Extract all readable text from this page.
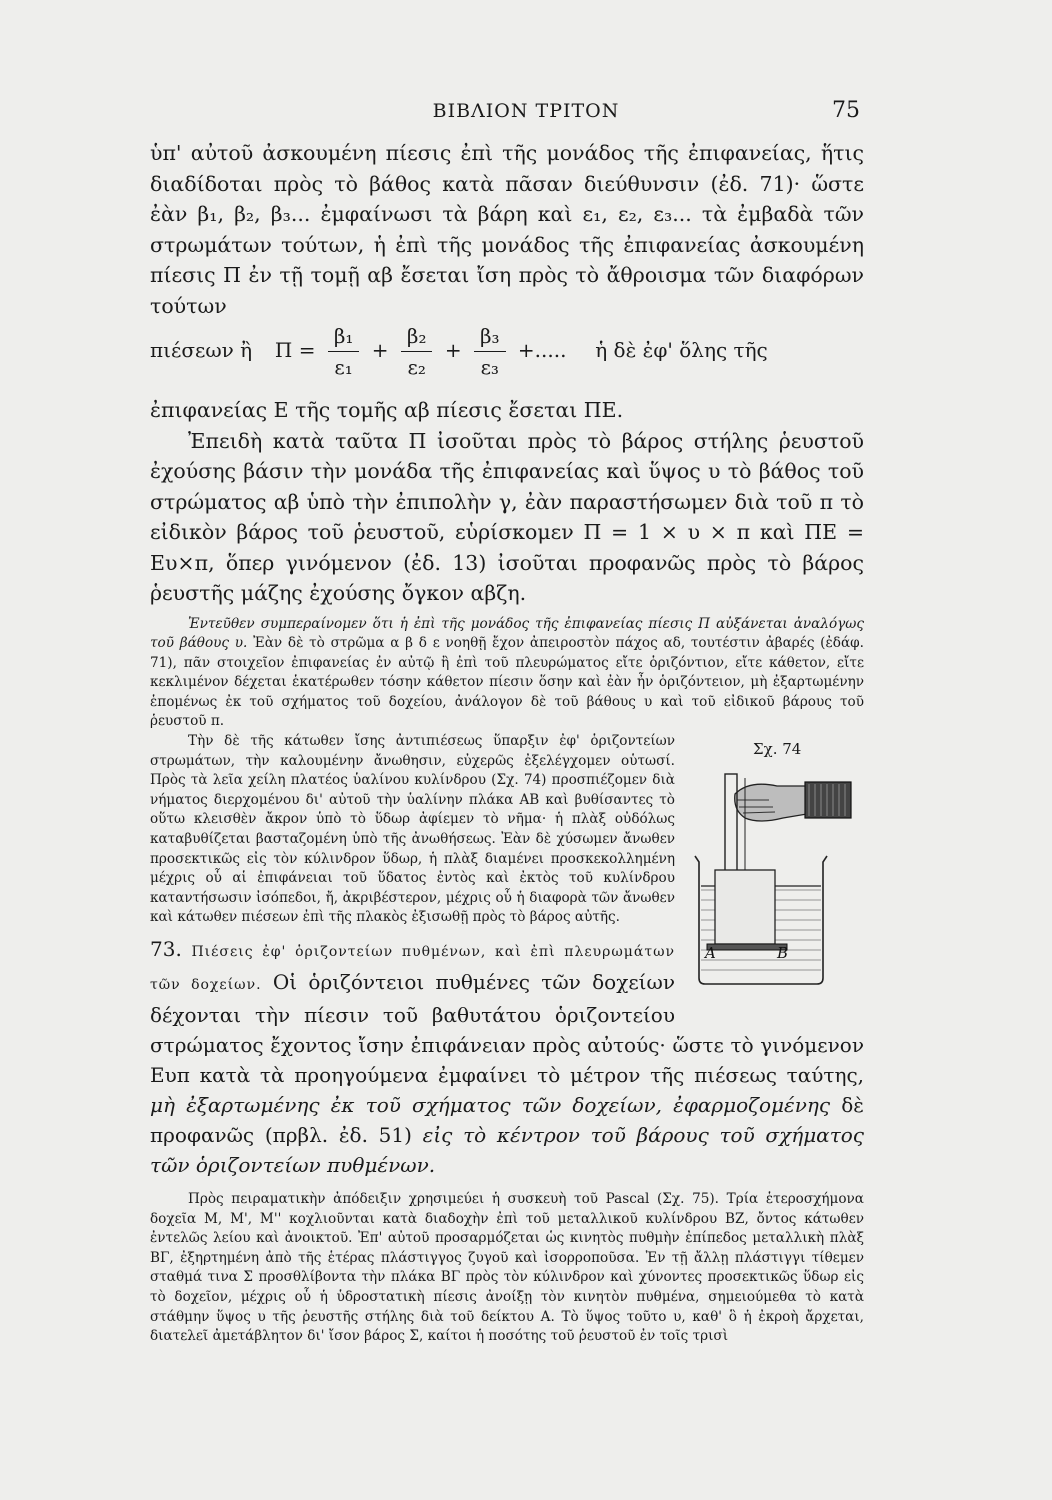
ΒΙΒΛΙΟΝ ΤΡΙΤΟΝ	75

ὑπ' αὐτοῦ ἀσκουμένη πίεσις ἐπὶ τῆς μονάδος τῆς ἐπιφανείας, ἥτις διαδίδοται πρὸς τὸ βάθος κατὰ πᾶσαν διεύθυνσιν (ἐδ. 71)· ὥστε ἐὰν β₁, β₂, β₃... ἐμφαίνωσι τὰ βάρη καὶ ε₁, ε₂, ε₃... τὰ ἐμβαδὰ τῶν στρωμάτων τούτων, ἡ ἐπὶ τῆς μονάδος τῆς ἐπιφανείας ἀσκουμένη πίεσις Π ἐν τῇ τομῇ αβ ἔσεται ἴση πρὸς τὸ ἄθροισμα τῶν διαφόρων τούτων

πιέσεων ἢ $\Pi = \frac{\text{β₁}}{\text{ε₁}} + \frac{\text{β₂}}{\text{ε₂}} + \frac{\text{β₃}}{\text{ε₃}}$ +..... ἡ δὲ ἐφ' ὅλης τῆς

ἐπιφανείας Ε τῆς τομῆς αβ πίεσις ἔσεται ΠΕ.

Ἐπειδὴ κατὰ ταῦτα Π ἰσοῦται πρὸς τὸ βάρος στήλης ῥευστοῦ ἐχούσης βάσιν τὴν μονάδα τῆς ἐπιφανείας καὶ ὕψος υ τὸ βάθος τοῦ στρώματος αβ ὑπὸ τὴν ἐπιπολὴν γ, ἐὰν παραστήσωμεν διὰ τοῦ π τὸ εἰδικὸν βάρος τοῦ ῥευστοῦ, εὑρίσκομεν Π = 1 × υ × π καὶ ΠΕ = Ευ×π, ὅπερ γινόμενον (ἐδ. 13) ἰσοῦται προφανῶς πρὸς τὸ βάρος ῥευστῆς μάζης ἐχούσης ὄγκον αβζη.

Ἐντεῦθεν συμπεραίνομεν ὅτι ἡ ἐπὶ τῆς μονάδος τῆς ἐπιφανείας πίεσις Π αὐξάνεται ἀναλόγως τοῦ βάθους υ. Ἐὰν δὲ τὸ στρῶμα α β δ ε νοηθῇ ἔχον ἀπειροστὸν πάχος αδ, τουτέστιν ἀβαρές (ἐδάφ. 71), πᾶν στοιχεῖον ἐπιφανείας ἐν αὐτῷ ἢ ἐπὶ τοῦ πλευρώματος εἴτε ὁριζόντιον, εἴτε κάθετον, εἴτε κεκλιμένον δέχεται ἑκατέρωθεν τόσην κάθετον πίεσιν ὅσην καὶ ἐὰν ἦν ὁριζόντειον, μὴ ἐξαρτωμένην ἑπομένως ἐκ τοῦ σχήματος τοῦ δοχείου, ἀνάλογον δὲ τοῦ βάθους υ καὶ τοῦ εἰδικοῦ βάρους τοῦ ῥευστοῦ π.

Σχ. 74
A	B

Τὴν δὲ τῆς κάτωθεν ἴσης ἀντιπιέσεως ὕπαρξιν ἐφ' ὁριζοντείων στρωμάτων, τὴν καλουμένην ἄνωθησιν, εὐχερῶς ἐξελέγχομεν οὑτωσί. Πρὸς τὰ λεῖα χείλη πλατέος ὑαλίνου κυλίνδρου (Σχ. 74) προσπιέζομεν διὰ νήματος διερχομένου δι' αὐτοῦ τὴν ὑαλίνην πλάκα ΑΒ καὶ βυθίσαντες τὸ οὕτω κλεισθὲν ἄκρον ὑπὸ τὸ ὕδωρ ἀφίεμεν τὸ νῆμα· ἡ πλὰξ οὐδόλως καταβυθίζεται βασταζομένη ὑπὸ τῆς ἀνωθήσεως. Ἐὰν δὲ χύσωμεν ἄνωθεν προσεκτικῶς εἰς τὸν κύλινδρον ὕδωρ, ἡ πλὰξ διαμένει προσκεκολλημένη μέχρις οὗ αἱ ἐπιφάνειαι τοῦ ὕδατος ἐντὸς καὶ ἐκτὸς τοῦ κυλίνδρου καταντήσωσιν ἰσόπεδοι, ἤ, ἀκριβέστερον, μέχρις οὗ ἡ διαφορὰ τῶν ἄνωθεν καὶ κάτωθεν πιέσεων ἐπὶ τῆς πλακὸς ἐξισωθῇ πρὸς τὸ βάρος αὐτῆς.

73. Πιέσεις ἐφ' ὁριζοντείων πυθμένων, καὶ ἐπὶ πλευρωμάτων τῶν δοχείων. Οἱ ὁριζόντειοι πυθμένες τῶν δοχείων δέχονται τὴν πίεσιν τοῦ βαθυτάτου ὁριζοντείου στρώματος ἔχοντος ἴσην ἐπιφάνειαν πρὸς αὐτούς· ὥστε τὸ γινόμενον Ευπ κατὰ τὰ προηγούμενα ἐμφαίνει τὸ μέτρον τῆς πιέσεως ταύτης, μὴ ἐξαρτωμένης ἐκ τοῦ σχήματος τῶν δοχείων, ἐφαρμοζομένης δὲ προφανῶς (πρβλ. ἐδ. 51) εἰς τὸ κέντρον τοῦ βάρους τοῦ σχήματος τῶν ὁριζοντείων πυθμένων.

Πρὸς πειραματικὴν ἀπόδειξιν χρησιμεύει ἡ συσκευὴ τοῦ Pascal (Σχ. 75). Τρία ἑτεροσχήμονα δοχεῖα Μ, Μ', Μ'' κοχλιοῦνται κατὰ διαδοχὴν ἐπὶ τοῦ μεταλλικοῦ κυλίνδρου ΒΖ, ὄντος κάτωθεν ἐντελῶς λείου καὶ ἀνοικτοῦ. Ἐπ' αὐτοῦ προσαρμόζεται ὡς κινητὸς πυθμὴν ἐπίπεδος μεταλλικὴ πλὰξ ΒΓ, ἐξηρτημένη ἀπὸ τῆς ἑτέρας πλάστιγγος ζυγοῦ καὶ ἰσορροποῦσα. Ἐν τῇ ἄλλῃ πλάστιγγι τίθεμεν σταθμά τινα Σ προσθλίβοντα τὴν πλάκα ΒΓ πρὸς τὸν κύλινδρον καὶ χύνοντες προσεκτικῶς ὕδωρ εἰς τὸ δοχεῖον, μέχρις οὗ ἡ ὑδροστατικὴ πίεσις ἀνοίξῃ τὸν κινητὸν πυθμένα, σημειούμεθα τὸ κατὰ στάθμην ὕψος υ τῆς ῥευστῆς στήλης διὰ τοῦ δείκτου Α. Τὸ ὕψος τοῦτο υ, καθ' ὃ ἡ ἐκροὴ ἄρχεται, διατελεῖ ἀμετάβλητον δι' ἴσον βάρος Σ, καίτοι ἡ ποσότης τοῦ ῥευστοῦ ἐν τοῖς τρισὶ
